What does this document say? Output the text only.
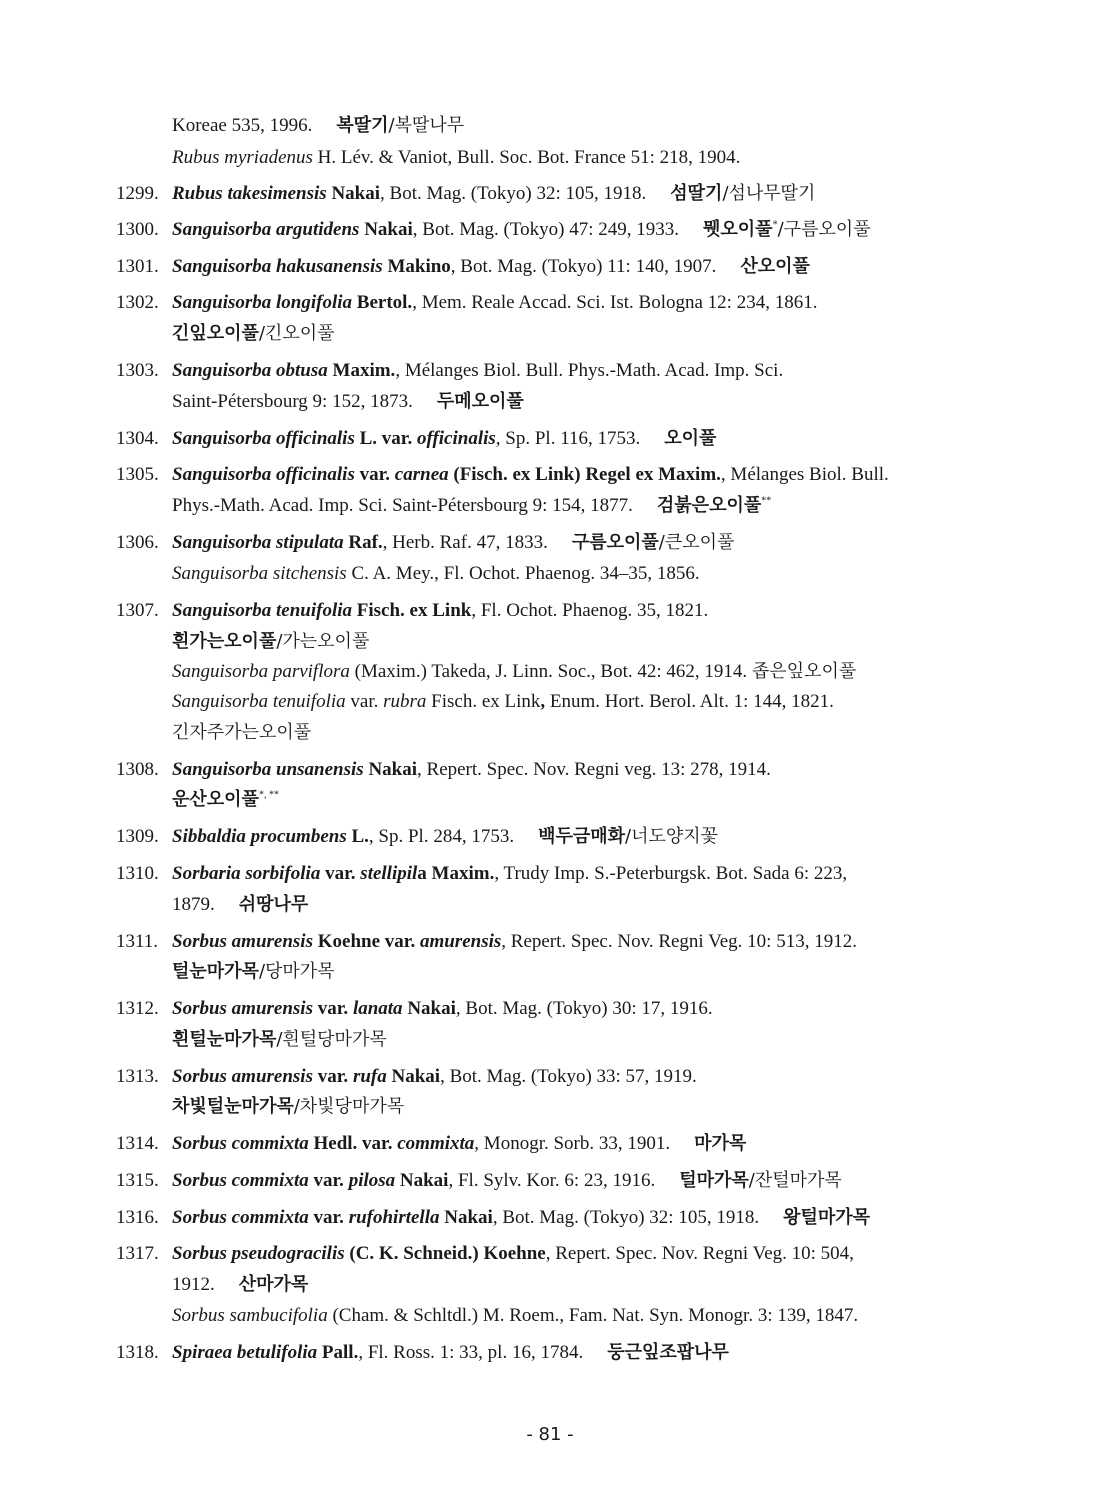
Koreae 535, 1996. 복딸기/복딸나무
Rubus myriadenus H. Lév. & Vaniot, Bull. Soc. Bot. France 51: 218, 1904.
1299. Rubus takesimensis Nakai, Bot. Mag. (Tokyo) 32: 105, 1918. 섬딸기/섬나무딸기
1300. Sanguisorba argutidens Nakai, Bot. Mag. (Tokyo) 47: 249, 1933. 뭿오이풀*/구름오이풀
1301. Sanguisorba hakusanensis Makino, Bot. Mag. (Tokyo) 11: 140, 1907. 산오이풀
1302. Sanguisorba longifolia Bertol., Mem. Reale Accad. Sci. Ist. Bologna 12: 234, 1861.
긴잎오이풀/긴오이풀
1303. Sanguisorba obtusa Maxim., Mélanges Biol. Bull. Phys.-Math. Acad. Imp. Sci.
Saint-Pétersbourg 9: 152, 1873. 두메오이풀
1304. Sanguisorba officinalis L. var. officinalis, Sp. Pl. 116, 1753. 오이풀
1305. Sanguisorba officinalis var. carnea (Fisch. ex Link) Regel ex Maxim., Mélanges Biol. Bull.
Phys.-Math. Acad. Imp. Sci. Saint-Pétersbourg 9: 154, 1877. 검붉은오이풀**
1306. Sanguisorba stipulata Raf., Herb. Raf. 47, 1833. 구름오이풀/큰오이풀
Sanguisorba sitchensis C. A. Mey., Fl. Ochot. Phaenog. 34–35, 1856.
1307. Sanguisorba tenuifolia Fisch. ex Link, Fl. Ochot. Phaenog. 35, 1821.
흰가는오이풀/가는오이풀
Sanguisorba parviflora (Maxim.) Takeda, J. Linn. Soc., Bot. 42: 462, 1914. 좁은잎오이풀
Sanguisorba tenuifolia var. rubra Fisch. ex Link, Enum. Hort. Berol. Alt. 1: 144, 1821.
긴자주가는오이풀
1308. Sanguisorba unsanensis Nakai, Repert. Spec. Nov. Regni veg. 13: 278, 1914.
운산오이풀*, **
1309. Sibbaldia procumbens L., Sp. Pl. 284, 1753. 백두금매화/너도양지꽃
1310. Sorbaria sorbifolia var. stellipila Maxim., Trudy Imp. S.-Peterburgsk. Bot. Sada 6: 223,
1879. 쉬땅나무
1311. Sorbus amurensis Koehne var. amurensis, Repert. Spec. Nov. Regni Veg. 10: 513, 1912.
털눈마가목/당마가목
1312. Sorbus amurensis var. lanata Nakai, Bot. Mag. (Tokyo) 30: 17, 1916.
흰털눈마가목/흰털당마가목
1313. Sorbus amurensis var. rufa Nakai, Bot. Mag. (Tokyo) 33: 57, 1919.
차빛털눈마가목/차빛당마가목
1314. Sorbus commixta Hedl. var. commixta, Monogr. Sorb. 33, 1901. 마가목
1315. Sorbus commixta var. pilosa Nakai, Fl. Sylv. Kor. 6: 23, 1916. 털마가목/잔털마가목
1316. Sorbus commixta var. rufohirtella Nakai, Bot. Mag. (Tokyo) 32: 105, 1918. 왕털마가목
1317. Sorbus pseudogracilis (C. K. Schneid.) Koehne, Repert. Spec. Nov. Regni Veg. 10: 504,
1912. 산마가목
Sorbus sambucifolia (Cham. & Schltdl.) M. Roem., Fam. Nat. Syn. Monogr. 3: 139, 1847.
1318. Spiraea betulifolia Pall., Fl. Ross. 1: 33, pl. 16, 1784. 둥근잎조팝나무
- 81 -
